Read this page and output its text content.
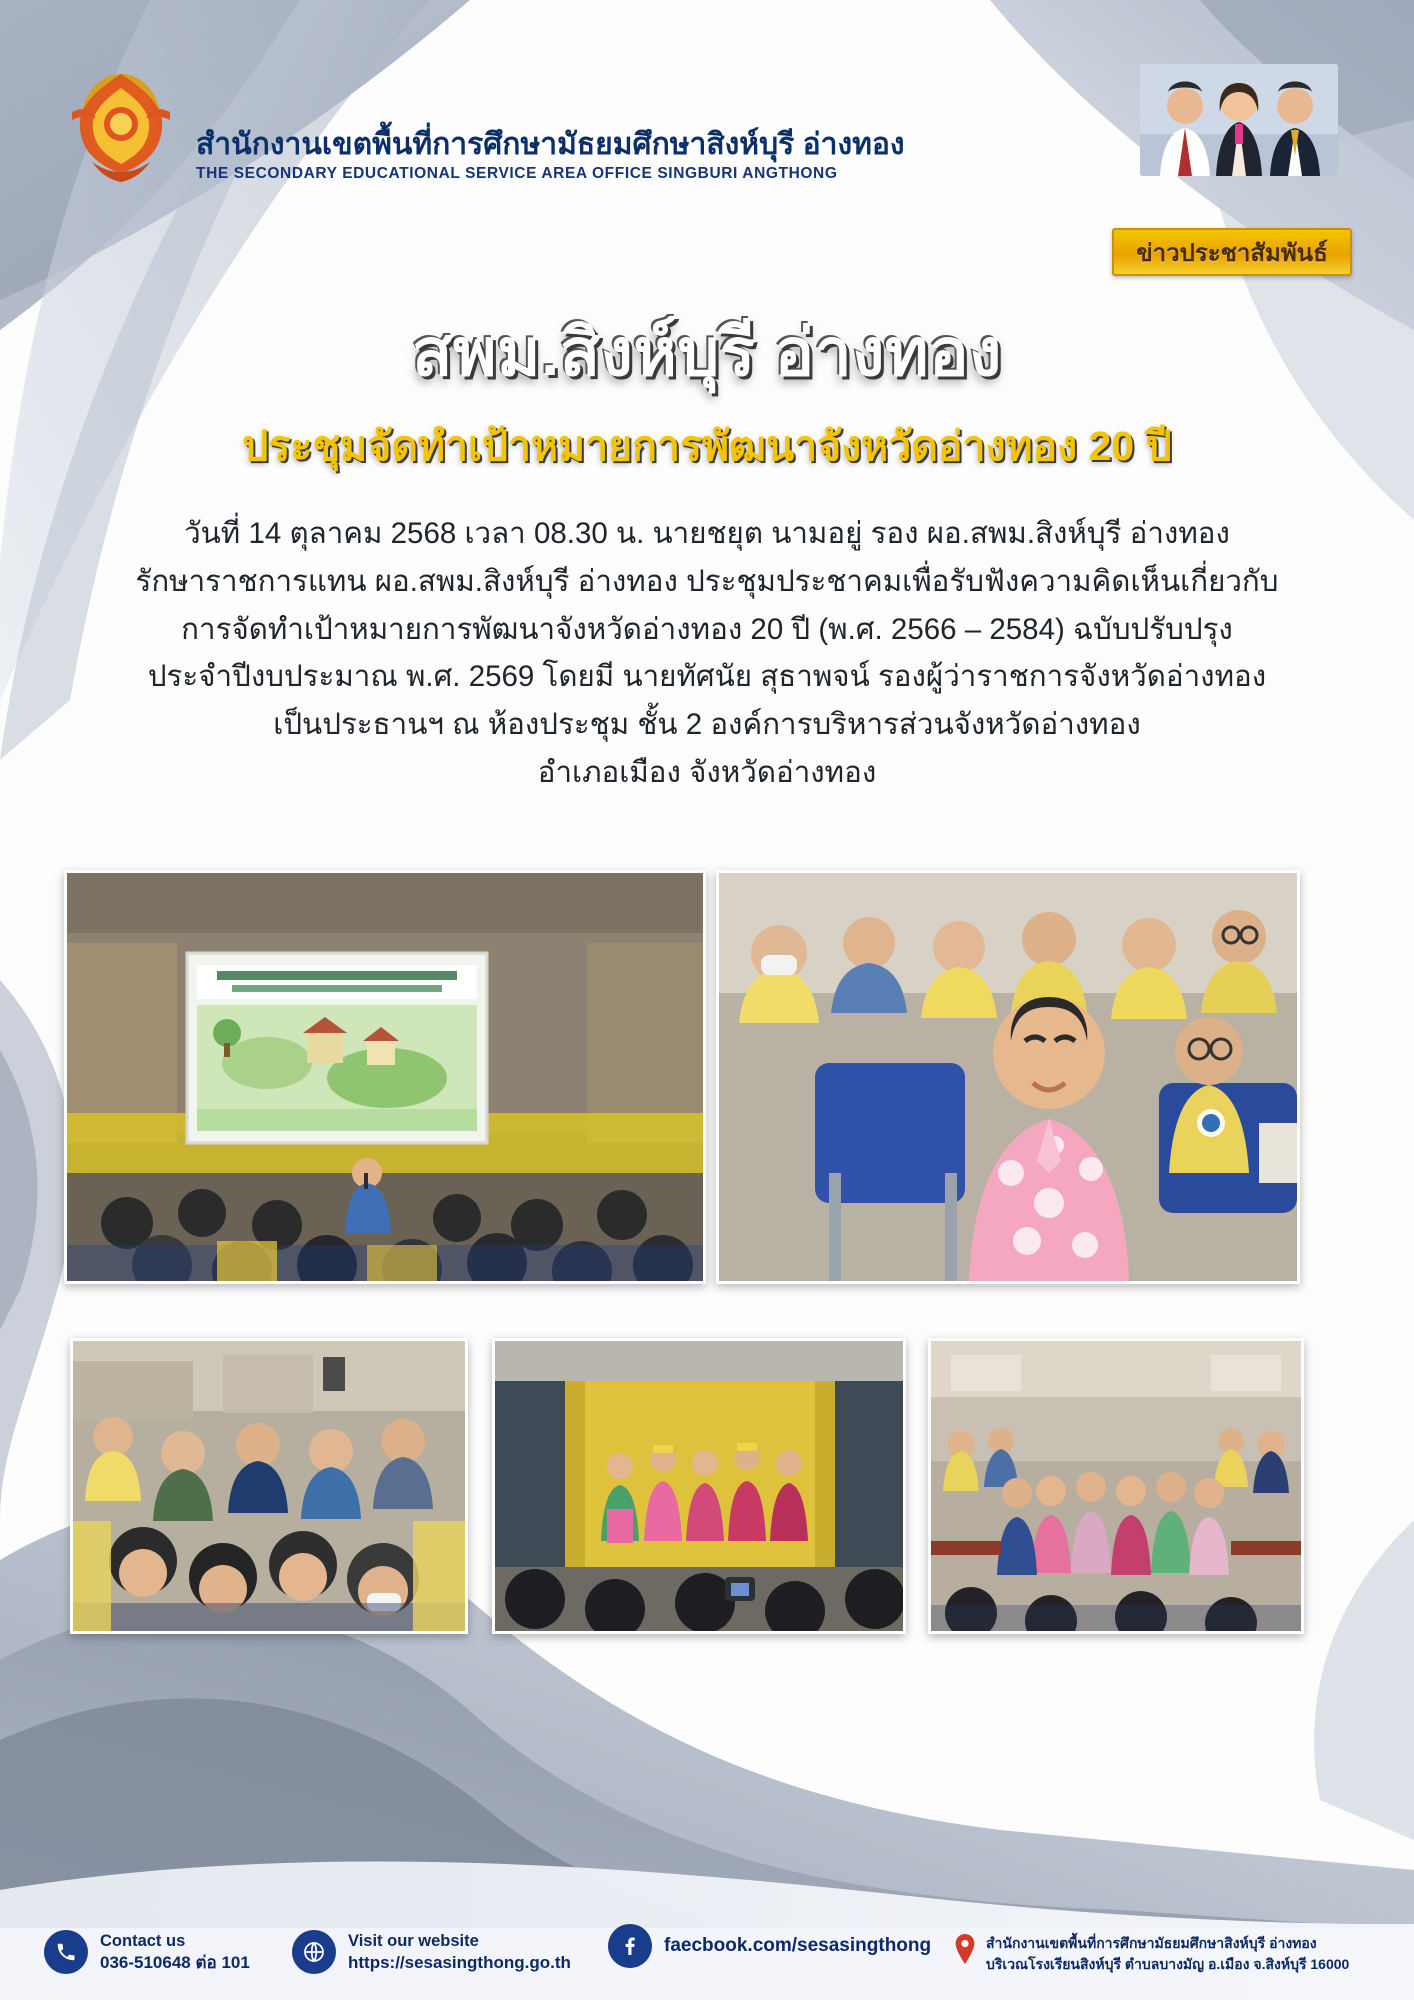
สำนักงานเขตพื้นที่การศึกษามัธยมศึกษาสิงห์บุรี อ่างทอง
THE SECONDARY EDUCATIONAL SERVICE AREA OFFICE SINGBURI ANGTHONG
ข่าวประชาสัมพันธ์
สพม.สิงห์บุรี อ่างทอง
ประชุมจัดทำเป้าหมายการพัฒนาจังหวัดอ่างทอง 20 ปี
วันที่ 14 ตุลาคม 2568 เวลา 08.30 น. นายชยุต นามอยู่ รอง ผอ.สพม.สิงห์บุรี อ่างทอง
รักษาราชการแทน ผอ.สพม.สิงห์บุรี อ่างทอง ประชุมประชาคมเพื่อรับฟังความคิดเห็นเกี่ยวกับ
การจัดทำเป้าหมายการพัฒนาจังหวัดอ่างทอง 20 ปี (พ.ศ. 2566 – 2584) ฉบับปรับปรุง
ประจำปีงบประมาณ พ.ศ. 2569 โดยมี นายทัศนัย สุธาพจน์ รองผู้ว่าราชการจังหวัดอ่างทอง
เป็นประธานฯ ณ ห้องประชุม ชั้น 2 องค์การบริหารส่วนจังหวัดอ่างทอง
อำเภอเมือง จังหวัดอ่างทอง
Contact us
036-510648 ต่อ 101
Visit our website
https://sesasingthong.go.th
faecbook.com/sesasingthong	สำนักงานเขตพื้นที่การศึกษามัธยมศึกษาสิงห์บุรี อ่างทอง
บริเวณโรงเรียนสิงห์บุรี ตำบลบางมัญ อ.เมือง จ.สิงห์บุรี 16000
